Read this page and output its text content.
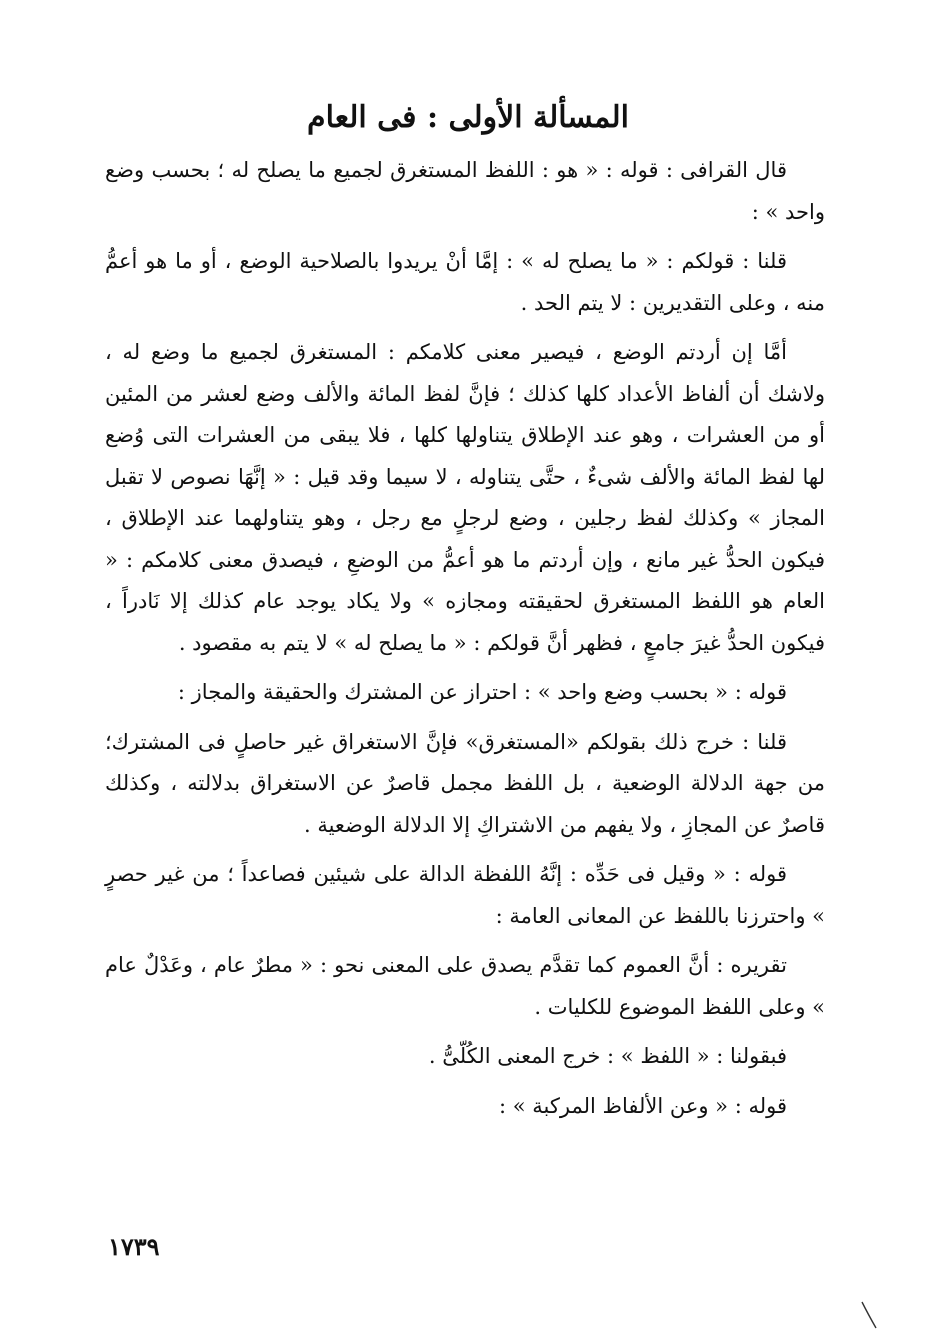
المسألة الأولى : فى العام

قال القرافى : قوله : « هو : اللفظ المستغرق لجميع ما يصلح له ؛ بحسب وضع واحد » :

قلنا : قولكم : « ما يصلح له » : إمَّا أنْ يريدوا بالصلاحية الوضع ، أو ما هو أعمُّ منه ، وعلى التقديرين : لا يتم الحد .

أمَّا إن أردتم الوضع ، فيصير معنى كلامكم : المستغرق لجميع ما وضع له ، ولاشك أن ألفاظ الأعداد كلها كذلك ؛ فإنَّ لفظ المائة والألف وضع لعشر من المئين أو من العشرات ، وهو عند الإطلاق يتناولها كلها ، فلا يبقى من العشرات التى وُضع لها لفظ المائة والألف شىءٌ ، حتَّى يتناوله ، لا سيما وقد قيل : « إنَّهَا نصوص لا تقبل المجاز » وكذلك لفظ رجلين ، وضع لرجلٍ مع رجل ، وهو يتناولهما عند الإطلاق ، فيكون الحدُّ غير مانع ، وإن أردتم ما هو أعمُّ من الوضعِ ، فيصدق معنى كلامكم : « العام هو اللفظ المستغرق لحقيقته ومجازه » ولا يكاد يوجد عام كذلك إلا نَادراً ، فيكون الحدُّ غيرَ جامعٍ ، فظهر أنَّ قولكم : « ما يصلح له » لا يتم به مقصود .

قوله : « بحسب وضع واحد » : احتراز عن المشترك والحقيقة والمجاز :

قلنا : خرج ذلك بقولكم «المستغرق» فإنَّ الاستغراق غير حاصلٍ فى المشترك؛ من جهة الدلالة الوضعية ، بل اللفظ مجمل قاصرٌ عن الاستغراق بدلالته ، وكذلك قاصرٌ عن المجازِ ، ولا يفهم من الاشتراكِ إلا الدلالة الوضعية .

قوله : « وقيل فى حَدِّه : إنَّهُ اللفظة الدالة على شيئين فصاعداً ؛ من غير حصرٍ » واحترزنا باللفظ عن المعانى العامة :

تقريره : أنَّ العموم كما تقدَّم يصدق على المعنى نحو : « مطرٌ عام ، وعَدْلٌ عام » وعلى اللفظ الموضوع للكليات .

فبقولنا : « اللفظ » : خرج المعنى الكُلّىُّ .

قوله : « وعن الألفاظ المركبة » :

١٧٣٩
